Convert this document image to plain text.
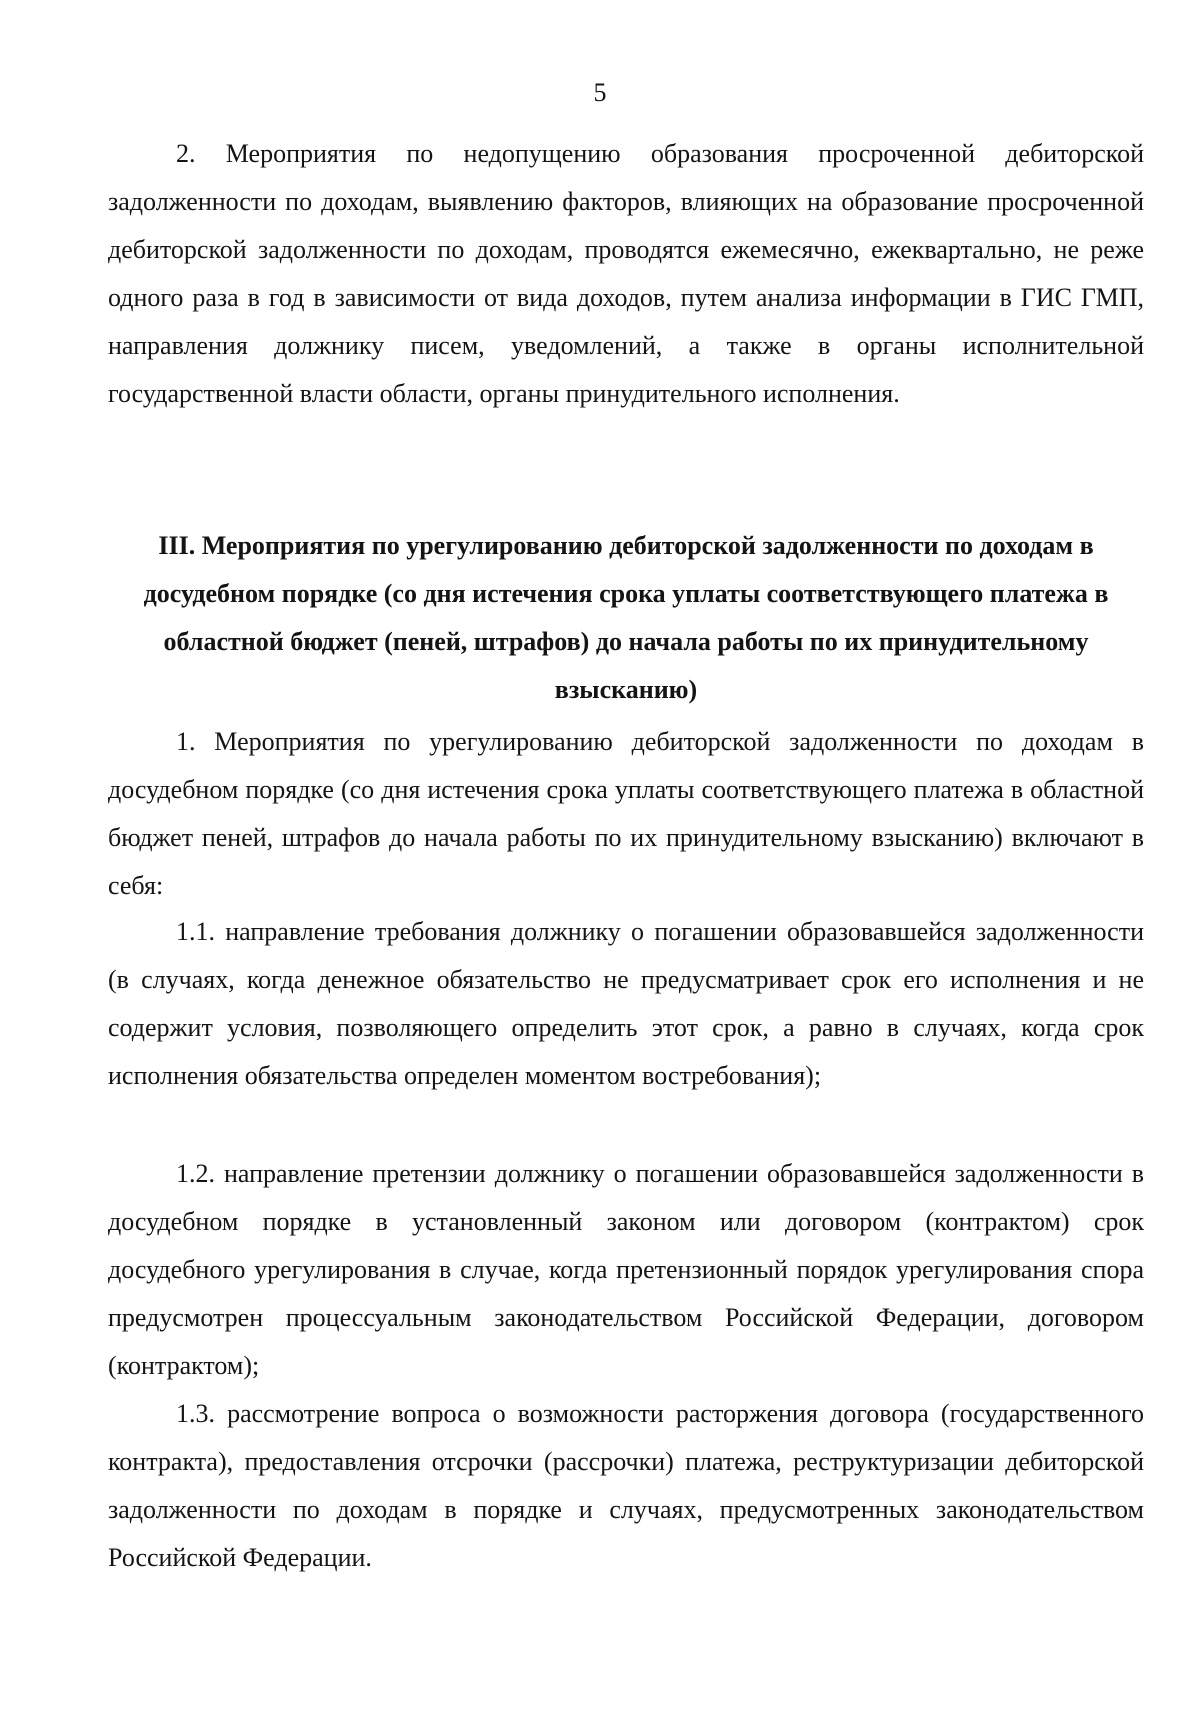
5

2. Мероприятия по недопущению образования просроченной дебиторской задолженности по доходам, выявлению факторов, влияющих на образование просроченной дебиторской задолженности по доходам, проводятся ежемесячно, ежеквартально, не реже одного раза в год в зависимости от вида доходов, путем анализа информации в ГИС ГМП, направления должнику писем, уведомлений, а также в органы исполнительной государственной власти области, органы принудительного исполнения.

III. Мероприятия по урегулированию дебиторской задолженности по доходам в досудебном порядке (со дня истечения срока уплаты соответствующего платежа в областной бюджет (пеней, штрафов) до начала работы по их принудительному взысканию)

1. Мероприятия по урегулированию дебиторской задолженности по доходам в досудебном порядке (со дня истечения срока уплаты соответствующего платежа в областной бюджет пеней, штрафов до начала работы по их принудительному взысканию) включают в себя:

1.1. направление требования должнику о погашении образовавшейся задолженности (в случаях, когда денежное обязательство не предусматривает срок его исполнения и не содержит условия, позволяющего определить этот срок, а равно в случаях, когда срок исполнения обязательства определен моментом востребования);

1.2. направление претензии должнику о погашении образовавшейся задолженности в досудебном порядке в установленный законом или договором (контрактом) срок досудебного урегулирования в случае, когда претензионный порядок урегулирования спора предусмотрен процессуальным законодательством Российской Федерации, договором (контрактом);

1.3. рассмотрение вопроса о возможности расторжения договора (государственного контракта), предоставления отсрочки (рассрочки) платежа, реструктуризации дебиторской задолженности по доходам в порядке и случаях, предусмотренных законодательством Российской Федерации.
